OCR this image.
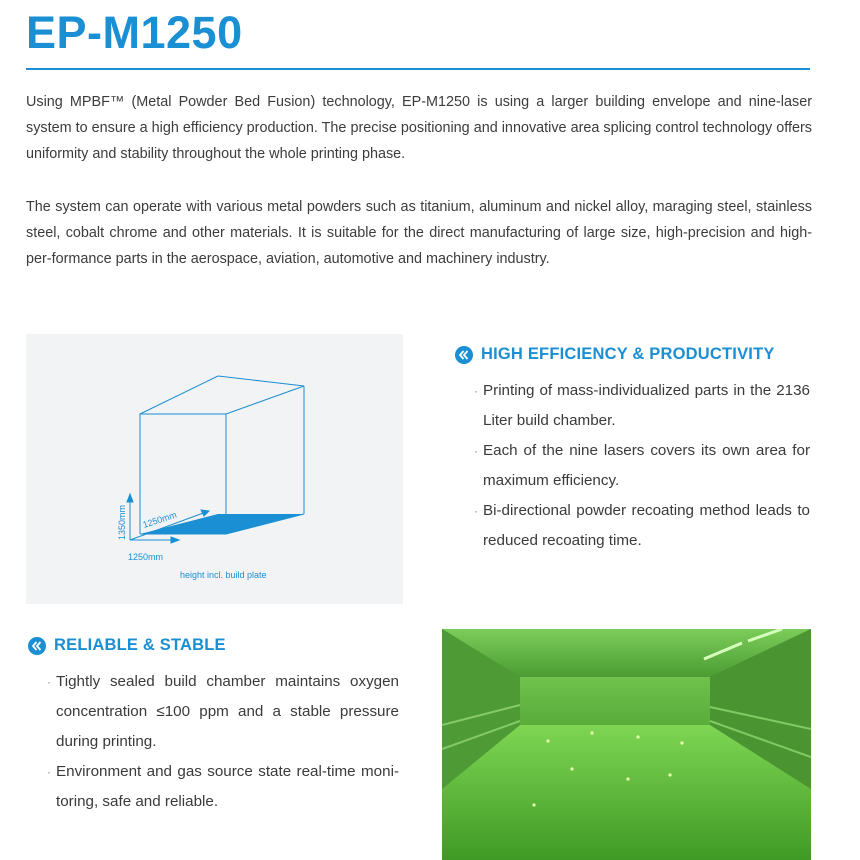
EP-M1250

Using MPBF™ (Metal Powder Bed Fusion) technology, EP-M1250 is using a larger building envelope and nine-laser system to ensure a high efficiency production. The precise positioning and innovative area splicing control technology offers uniformity and stability throughout the whole printing phase.

The system can operate with various metal powders such as titanium, aluminum and nickel alloy, maraging steel, stainless steel, cobalt chrome and other materials. It is suitable for the direct manufacturing of large size, high-precision and high-per-formance parts in the aerospace, aviation, automotive and machinery industry.

1350mm 1250mm
1250mm
height incl. build plate
HIGH EFFICIENCY & PRODUCTIVITY
· Printing of mass-individualized parts in the 2136 Liter build chamber.
· Each of the nine lasers covers its own area for maximum efficiency.
· Bi-directional powder recoating method leads to reduced recoating time.
RELIABLE & STABLE
· Tightly sealed build chamber maintains oxygen concentration ≤100 ppm and a stable pressure during printing.
· Environment and gas source state real-time moni-toring, safe and reliable.
